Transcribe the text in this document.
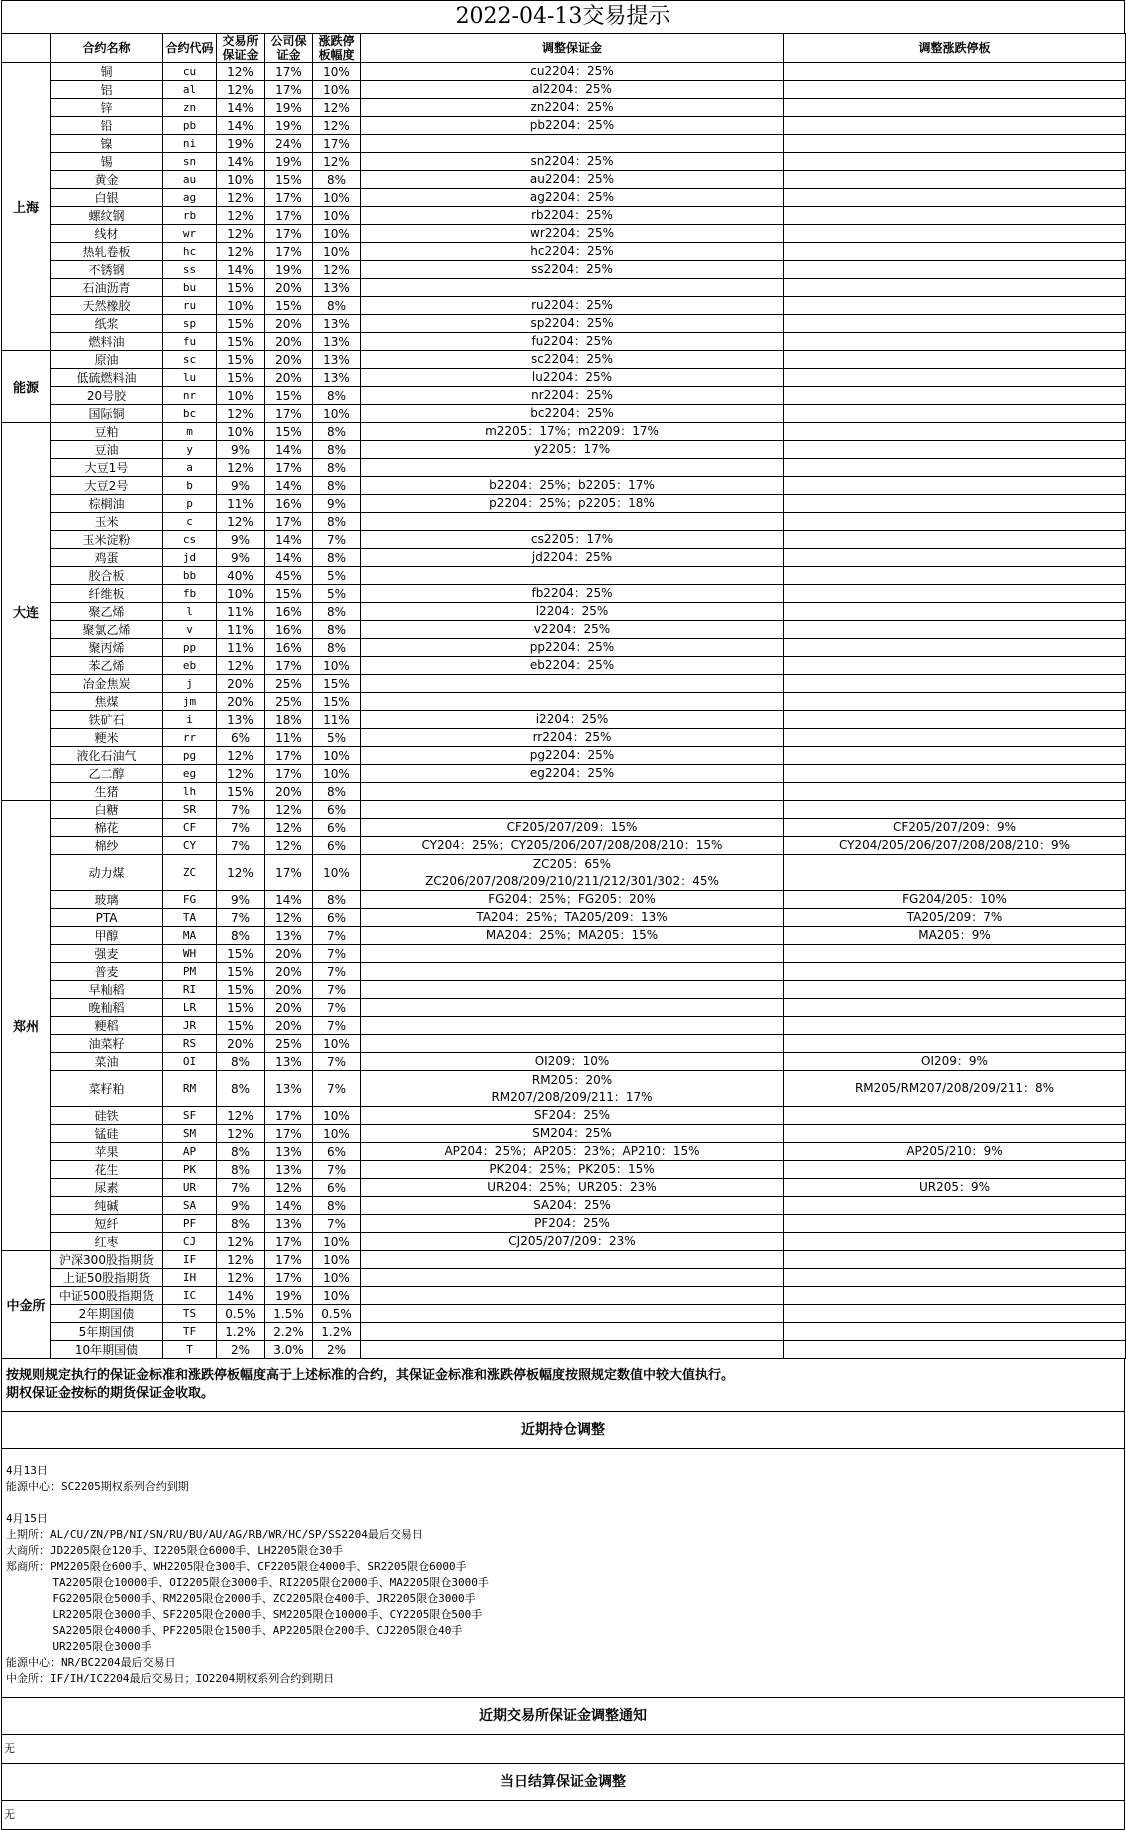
2022-04-13交易提示
	合约名称	合约代码	交易所保证金	公司保证金	涨跌停板幅度	调整保证金	调整涨跌停板
上海	铜	cu	12%	17%	10%	cu2204：25%	

	铝	al	12%	17%	10%	al2204：25%	

	锌	zn	14%	19%	12%	zn2204：25%	

	铅	pb	14%	19%	12%	pb2204：25%	

	镍	ni	19%	24%	17%		
	锡	sn	14%	19%	12%	sn2204：25%	

	黄金	au	10%	15%	8%	au2204：25%	

	白银	ag	12%	17%	10%	ag2204：25%	

	螺纹钢	rb	12%	17%	10%	rb2204：25%	

	线材	wr	12%	17%	10%	wr2204：25%	

	热轧卷板	hc	12%	17%	10%	hc2204：25%	

	不锈钢	ss	14%	19%	12%	ss2204：25%	

	石油沥青	bu	15%	20%	13%		
	天然橡胶	ru	10%	15%	8%	ru2204：25%	

	纸浆	sp	15%	20%	13%	sp2204：25%	

	燃料油	fu	15%	20%	13%	fu2204：25%	

能源	原油	sc	15%	20%	13%	sc2204：25%	

	低硫燃料油	lu	15%	20%	13%	lu2204：25%	

	20号胶	nr	10%	15%	8%	nr2204：25%	

	国际铜	bc	12%	17%	10%	bc2204：25%	

大连	豆粕	m	10%	15%	8%	m2205：17%；m2209：17%	

	豆油	y	9%	14%	8%	y2205：17%	

	大豆1号	a	12%	17%	8%		
	大豆2号	b	9%	14%	8%	b2204：25%；b2205：17%	

	棕榈油	p	11%	16%	9%	p2204：25%；p2205：18%	

	玉米	c	12%	17%	8%		
	玉米淀粉	cs	9%	14%	7%	cs2205：17%	

	鸡蛋	jd	9%	14%	8%	jd2204：25%	

	胶合板	bb	40%	45%	5%		
	纤维板	fb	10%	15%	5%	fb2204：25%	

	聚乙烯	l	11%	16%	8%	l2204：25%	

	聚氯乙烯	v	11%	16%	8%	v2204：25%	

	聚丙烯	pp	11%	16%	8%	pp2204：25%	

	苯乙烯	eb	12%	17%	10%	eb2204：25%	

	冶金焦炭	j	20%	25%	15%		
	焦煤	jm	20%	25%	15%		
	铁矿石	i	13%	18%	11%	i2204：25%	

	粳米	rr	6%	11%	5%	rr2204：25%	

	液化石油气	pg	12%	17%	10%	pg2204：25%	

	乙二醇	eg	12%	17%	10%	eg2204：25%	

	生猪	lh	15%	20%	8%		
郑州	白糖	SR	7%	12%	6%		
	棉花	CF	7%	12%	6%	CF205/207/209：15%	CF205/207/209：9%

	棉纱	CY	7%	12%	6%	CY204：25%；CY205/206/207/208/208/210：15%	CY204/205/206/207/208/208/210：9%

	动力煤	ZC	12%	17%	10%	ZC205：65%
ZC206/207/208/209/210/211/212/301/302：45%	

	玻璃	FG	9%	14%	8%	FG204：25%；FG205：20%	FG204/205：10%

	PTA	TA	7%	12%	6%	TA204：25%；TA205/209：13%	TA205/209：7%

	甲醇	MA	8%	13%	7%	MA204：25%；MA205：15%	MA205：9%

	强麦	WH	15%	20%	7%		
	普麦	PM	15%	20%	7%		
	早籼稻	RI	15%	20%	7%		
	晚籼稻	LR	15%	20%	7%		
	粳稻	JR	15%	20%	7%		
	油菜籽	RS	20%	25%	10%		
	菜油	OI	8%	13%	7%	OI209：10%	OI209：9%

	菜籽粕	RM	8%	13%	7%	RM205：20%
RM207/208/209/211：17%	RM205/RM207/208/209/211：8%

	硅铁	SF	12%	17%	10%	SF204：25%	

	锰硅	SM	12%	17%	10%	SM204：25%	

	苹果	AP	8%	13%	6%	AP204：25%；AP205：23%；AP210：15%	AP205/210：9%

	花生	PK	8%	13%	7%	PK204：25%；PK205：15%	

	尿素	UR	7%	12%	6%	UR204：25%；UR205：23%	UR205：9%

	纯碱	SA	9%	14%	8%	SA204：25%	

	短纤	PF	8%	13%	7%	PF204：25%	

	红枣	CJ	12%	17%	10%	CJ205/207/209：23%	

中金所	沪深300股指期货	IF	12%	17%	10%		
	上证50股指期货	IH	12%	17%	10%		
	中证500股指期货	IC	14%	19%	10%		
	2年期国债	TS	0.5%	1.5%	0.5%		
	5年期国债	TF	1.2%	2.2%	1.2%		
	10年期国债	T	2%	3.0%	2%		
按规则规定执行的保证金标准和涨跌停板幅度高于上述标准的合约，其保证金标准和涨跌停板幅度按照规定数值中较大值执行。
期权保证金按标的期货保证金收取。
近期持仓调整
4月13日
能源中心：SC2205期权系列合约到期
4月15日
上期所：AL/CU/ZN/PB/NI/SN/RU/BU/AU/AG/RB/WR/HC/SP/SS2204最后交易日
大商所：JD2205限仓120手、I2205限仓6000手、LH2205限仓30手
郑商所：PM2205限仓600手、WH2205限仓300手、CF2205限仓4000手、SR2205限仓6000手
TA2205限仓10000手、OI2205限仓3000手、RI2205限仓2000手、MA2205限仓3000手
FG2205限仓5000手、RM2205限仓2000手、ZC2205限仓400手、JR2205限仓3000手
LR2205限仓3000手、SF2205限仓2000手、SM2205限仓10000手、CY2205限仓500手
SA2205限仓4000手、PF2205限仓1500手、AP2205限仓200手、CJ2205限仓40手
UR2205限仓3000手
能源中心：NR/BC2204最后交易日
中金所：IF/IH/IC2204最后交易日；IO2204期权系列合约到期日
近期交易所保证金调整通知
无
当日结算保证金调整
无
